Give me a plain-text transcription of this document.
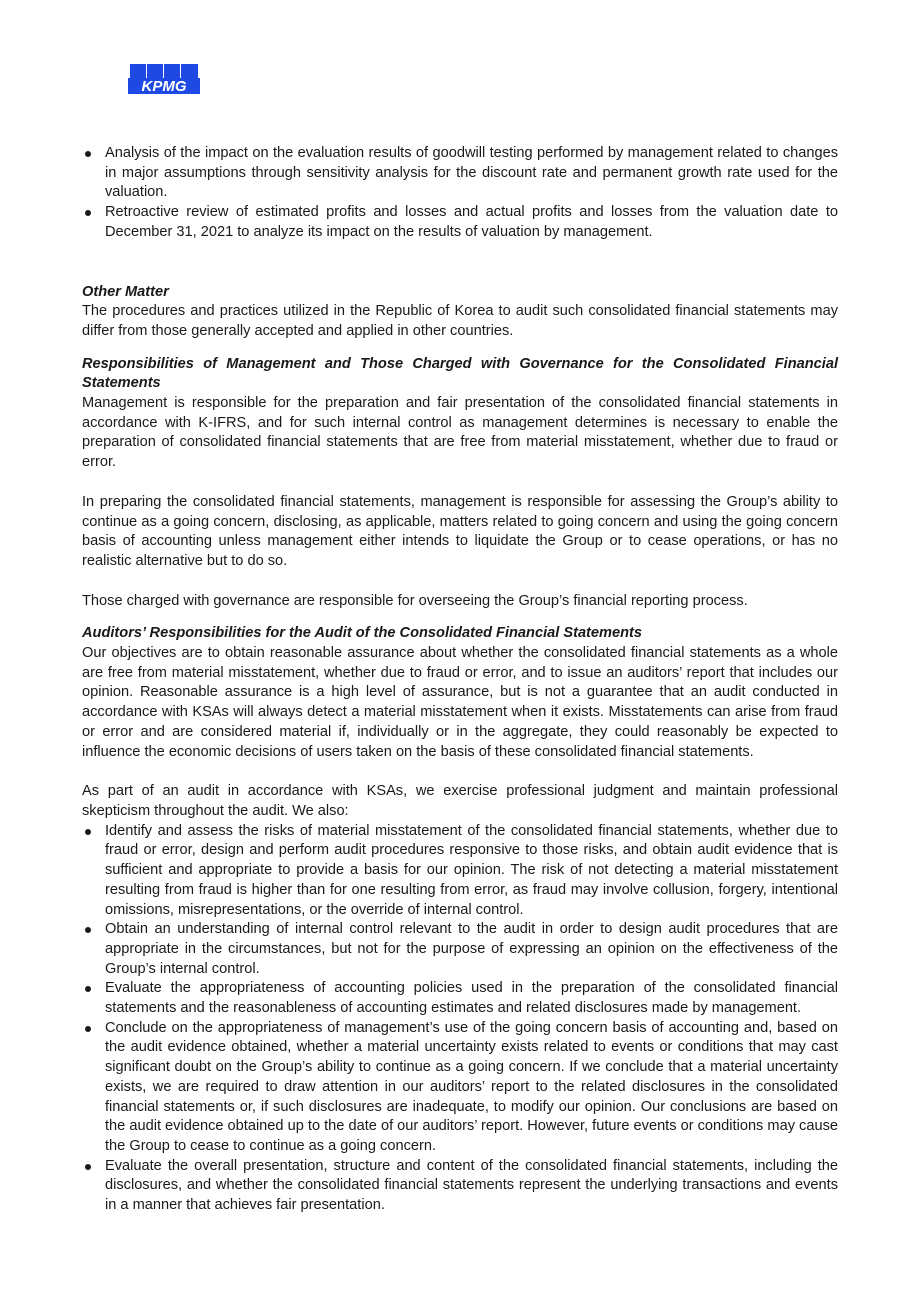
KPMG
Analysis of the impact on the evaluation results of goodwill testing performed by management related to changes in major assumptions through sensitivity analysis for the discount rate and permanent growth rate used for the valuation.
Retroactive review of estimated profits and losses and actual profits and losses from the valuation date to December 31, 2021 to analyze its impact on the results of valuation by management.
Other Matter

The procedures and practices utilized in the Republic of Korea to audit such consolidated financial statements may differ from those generally accepted and applied in other countries.

Responsibilities of Management and Those Charged with Governance for the Consolidated Financial Statements

Management is responsible for the preparation and fair presentation of the consolidated financial statements in accordance with K-IFRS, and for such internal control as management determines is necessary to enable the preparation of consolidated financial statements that are free from material misstatement, whether due to fraud or error.

In preparing the consolidated financial statements, management is responsible for assessing the Group’s ability to continue as a going concern, disclosing, as applicable, matters related to going concern and using the going concern basis of accounting unless management either intends to liquidate the Group or to cease operations, or has no realistic alternative but to do so.

Those charged with governance are responsible for overseeing the Group’s financial reporting process.

Auditors’ Responsibilities for the Audit of the Consolidated Financial Statements

Our objectives are to obtain reasonable assurance about whether the consolidated financial statements as a whole are free from material misstatement, whether due to fraud or error, and to issue an auditors’ report that includes our opinion. Reasonable assurance is a high level of assurance, but is not a guarantee that an audit conducted in accordance with KSAs will always detect a material misstatement when it exists. Misstatements can arise from fraud or error and are considered material if, individually or in the aggregate, they could reasonably be expected to influence the economic decisions of users taken on the basis of these consolidated financial statements.

As part of an audit in accordance with KSAs, we exercise professional judgment and maintain professional skepticism throughout the audit. We also:

Identify and assess the risks of material misstatement of the consolidated financial statements, whether due to fraud or error, design and perform audit procedures responsive to those risks, and obtain audit evidence that is sufficient and appropriate to provide a basis for our opinion. The risk of not detecting a material misstatement resulting from fraud is higher than for one resulting from error, as fraud may involve collusion, forgery, intentional omissions, misrepresentations, or the override of internal control.
Obtain an understanding of internal control relevant to the audit in order to design audit procedures that are appropriate in the circumstances, but not for the purpose of expressing an opinion on the effectiveness of the Group’s internal control.
Evaluate the appropriateness of accounting policies used in the preparation of the consolidated financial statements and the reasonableness of accounting estimates and related disclosures made by management.
Conclude on the appropriateness of management’s use of the going concern basis of accounting and, based on the audit evidence obtained, whether a material uncertainty exists related to events or conditions that may cast significant doubt on the Group’s ability to continue as a going concern. If we conclude that a material uncertainty exists, we are required to draw attention in our auditors’ report to the related disclosures in the consolidated financial statements or, if such disclosures are inadequate, to modify our opinion. Our conclusions are based on the audit evidence obtained up to the date of our auditors’ report. However, future events or conditions may cause the Group to cease to continue as a going concern.
Evaluate the overall presentation, structure and content of the consolidated financial statements, including the disclosures, and whether the consolidated financial statements represent the underlying transactions and events in a manner that achieves fair presentation.
